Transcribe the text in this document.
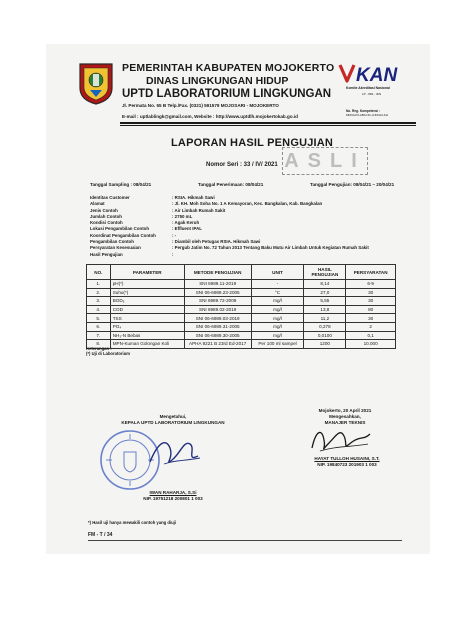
PEMERINTAH KABUPATEN MOJOKERTO
DINAS LINGKUNGAN HIDUP
UPTD LABORATORIUM LINGKUNGAN
Jl. Permata No. 55 B Telp./Fax. (0321) 591579 MOJOSARI - MOJOKERTO
E-mail : uptlablingk@gmail.com, Website : http://www.uptdlh.mojokertokab.go.id
KAN
Komite Akreditasi Nasional
LP - 882 - IDN
No. Reg. Kompetensi :
MDN/LP/LAB/LNG-UJI/KH/LKH
LAPORAN HASIL PENGUJIAN
ASLI
Nomor Seri : 33 / IV/ 2021
Tanggal Sampling : 08/04/21	Tanggal Penerimaan: 08/04/21	Tanggal Pengujian: 08/04/21 – 20/04/21
Identitas Customer	: RSIA. Hikmah Sawi
Alamat	: Jl. KH. Moh Soha No. 1 A Kemayoran, Kec. Bangkalan, Kab. Bangkalan
Jenis Contoh	: Air Limbah Rumah Sakit
Jumlah Contoh	: 2750 mL
Kondisi Contoh	: Agak Keruh
Lokasi Pengambilan Contoh	: Effluent IPAL
Koordinat Pengambilan Contoh	: -
Pengambilan Contoh	: Diambil oleh Petugas RSIA. Hikmah Sawi
Persyaratan Kesesuaian	: Pergub Jatim No. 72 Tahun 2013 Tentang Baku Mutu Air Limbah Untuk Kegiatan Rumah Sakit
Hasil Pengujian	:
NO.	PARAMETER	METODE PENGUJIAN	UNIT	HASIL PENGUJIAN	PERSYARATAN
1.	pH(*)	SNI 6989.11-2019	-	8,14	6-9
2.	Suhu(*)	SNI 06-6989.23-2005	°C	27,0	30
3.	BOD₅	SNI 6989.72-2009	mg/l	5,55	30
4.	COD	SNI 6989.02-2019	mg/l	13,8	80
5.	TSS	SNI 06-6989.03-2019	mg/l	11,2	30
6.	PO₄	SNI 06-6989.31-2005	mg/l	0,278	2
7.	NH₃-N Bebas	SNI 06-6989.30-2005	mg/l	0,0100	0,1
8.	MPN-Kuman Golongan Koli	APHA 9221 B 23rd Ed-2017	Per 100 ml sampel	1200	10.000
Keterangan :
(*) Uji di Laboratorium
Mengetahui,
KEPALA UPTD LABORATORIUM LINGKUNGAN
IWAN RAHARJA, S.Si
NIP. 19751218 200801 1 003
Mojokerto, 20 April 2021
Mengesahkan,
MANAJER TEKNIS
HAYAT TULLOH HUSAINI, S.T.
NIP. 19840723 201903 1 003
*) Hasil uji hanya mewakili contoh yang diuji
FM - T / 34
